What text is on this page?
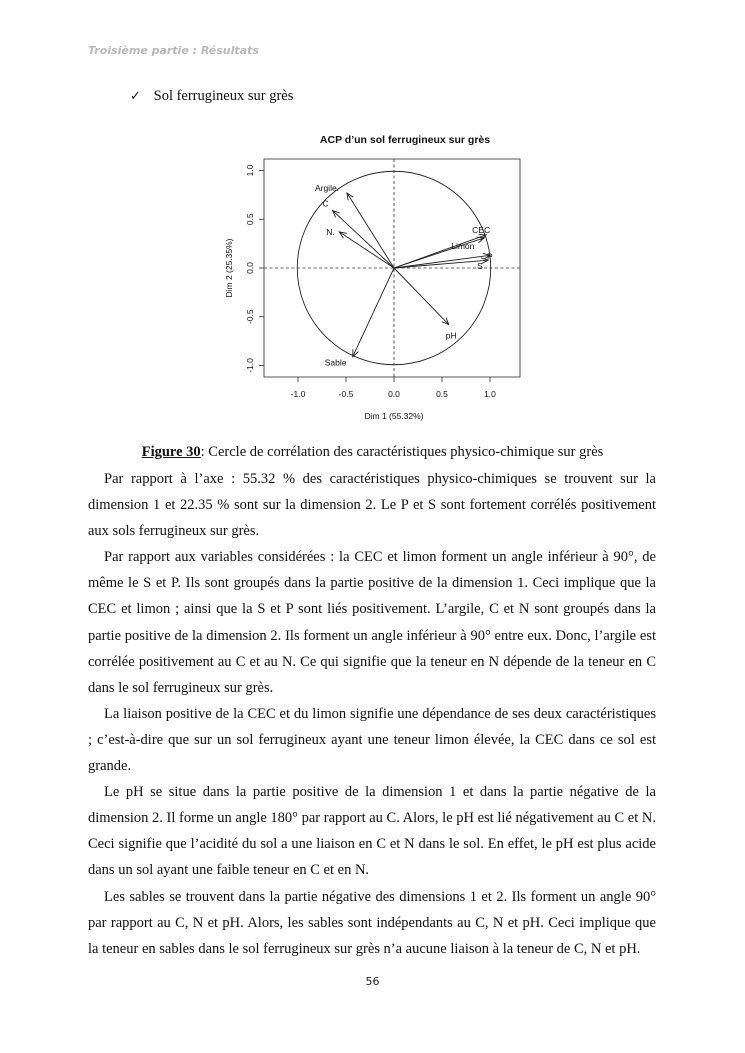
Troisième partie : Résultats
✓ Sol ferrugineux sur grès
ACP d’un sol ferrugineux sur grès
-1.0	-0.5	0.0	0.5	1.0
-1.0
-0.5
0.0
0.5
1.0
Argile.
C
N.	CEC
Limon
P
S
pH
Sable
Dim 1 (55.32%)
Dim 2 (25.35%)
Figure 30: Cercle de corrélation des caractéristiques physico-chimique sur grès

Par rapport à l’axe : 55.32 % des caractéristiques physico-chimiques se trouvent sur la dimension 1 et 22.35 % sont sur la dimension 2. Le P et S sont fortement corrélés positivement aux sols ferrugineux sur grès.

Par rapport aux variables considérées : la CEC et limon forment un angle inférieur à 90°, de même le S et P. Ils sont groupés dans la partie positive de la dimension 1. Ceci implique que la CEC et limon ; ainsi que la S et P sont liés positivement. L’argile, C et N sont groupés dans la partie positive de la dimension 2. Ils forment un angle inférieur à 90° entre eux. Donc, l’argile est corrélée positivement au C et au N. Ce qui signifie que la teneur en N dépende de la teneur en C dans le sol ferrugineux sur grès.

La liaison positive de la CEC et du limon signifie une dépendance de ses deux caractéristiques ; c’est-à-dire que sur un sol ferrugineux ayant une teneur limon élevée, la CEC dans ce sol est grande.

Le pH se situe dans la partie positive de la dimension 1 et dans la partie négative de la dimension 2. Il forme un angle 180° par rapport au C. Alors, le pH est lié négativement au C et N. Ceci signifie que l’acidité du sol a une liaison en C et N dans le sol. En effet, le pH est plus acide dans un sol ayant une faible teneur en C et en N.

Les sables se trouvent dans la partie négative des dimensions 1 et 2. Ils forment un angle 90° par rapport au C, N et pH. Alors, les sables sont indépendants au C, N et pH. Ceci implique que la teneur en sables dans le sol ferrugineux sur grès n’a aucune liaison à la teneur de C, N et pH.

56
